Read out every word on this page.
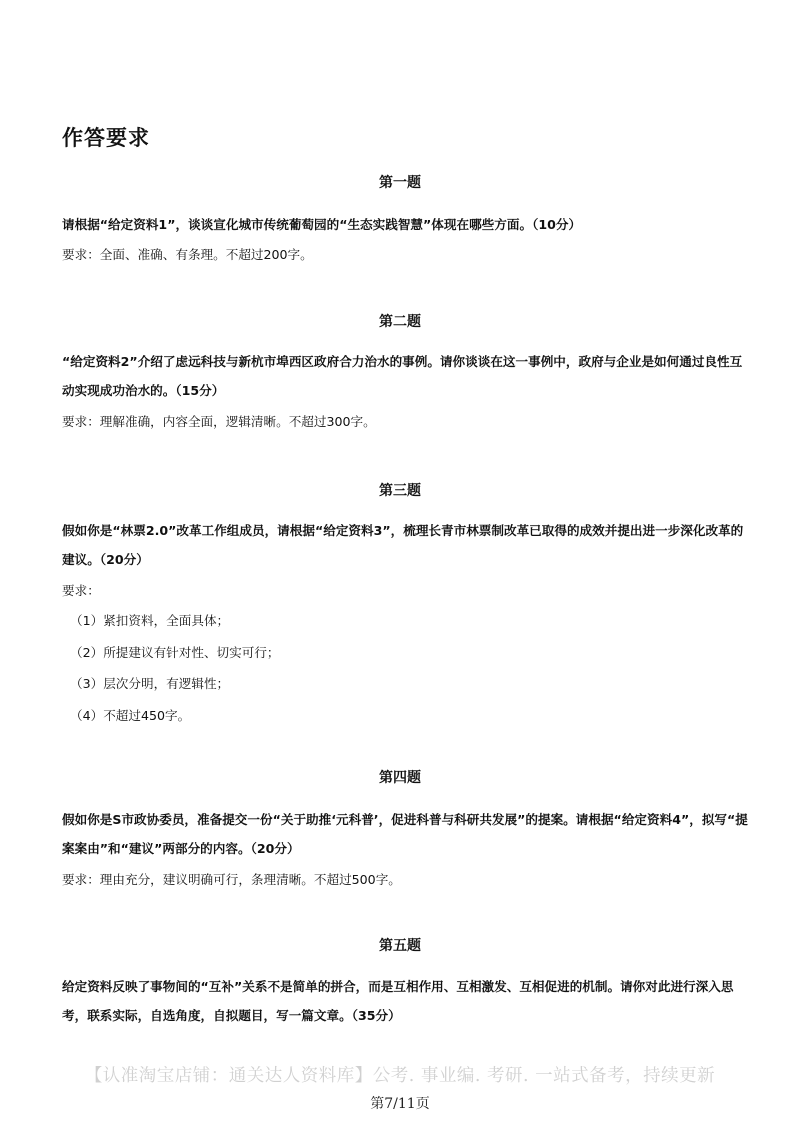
作答要求
第一题
请根据“给定资料1”，谈谈宣化城市传统葡萄园的“生态实践智慧”体现在哪些方面。（10分）
要求：全面、准确、有条理。不超过200字。
第二题
“给定资料2”介绍了虑远科技与新杭市埠西区政府合力治水的事例。请你谈谈在这一事例中，政府与企业是如何通过良性互动实现成功治水的。（15分）
要求：理解准确，内容全面，逻辑清晰。不超过300字。
第三题
假如你是“林票2.0”改革工作组成员，请根据“给定资料3”，梳理长青市林票制改革已取得的成效并提出进一步深化改革的建议。（20分）
要求：
（1）紧扣资料，全面具体；
（2）所提建议有针对性、切实可行；
（3）层次分明，有逻辑性；
（4）不超过450字。
第四题
假如你是S市政协委员，准备提交一份“关于助推‘元科普’，促进科普与科研共发展”的提案。请根据“给定资料4”，拟写“提案案由”和“建议”两部分的内容。（20分）
要求：理由充分，建议明确可行，条理清晰。不超过500字。
第五题
给定资料反映了事物间的“互补”关系不是简单的拼合，而是互相作用、互相激发、互相促进的机制。请你对此进行深入思考，联系实际，自选角度，自拟题目，写一篇文章。（35分）
【认准淘宝店铺：通关达人资料库】公考. 事业编. 考研. 一站式备考，持续更新
第7/11页
